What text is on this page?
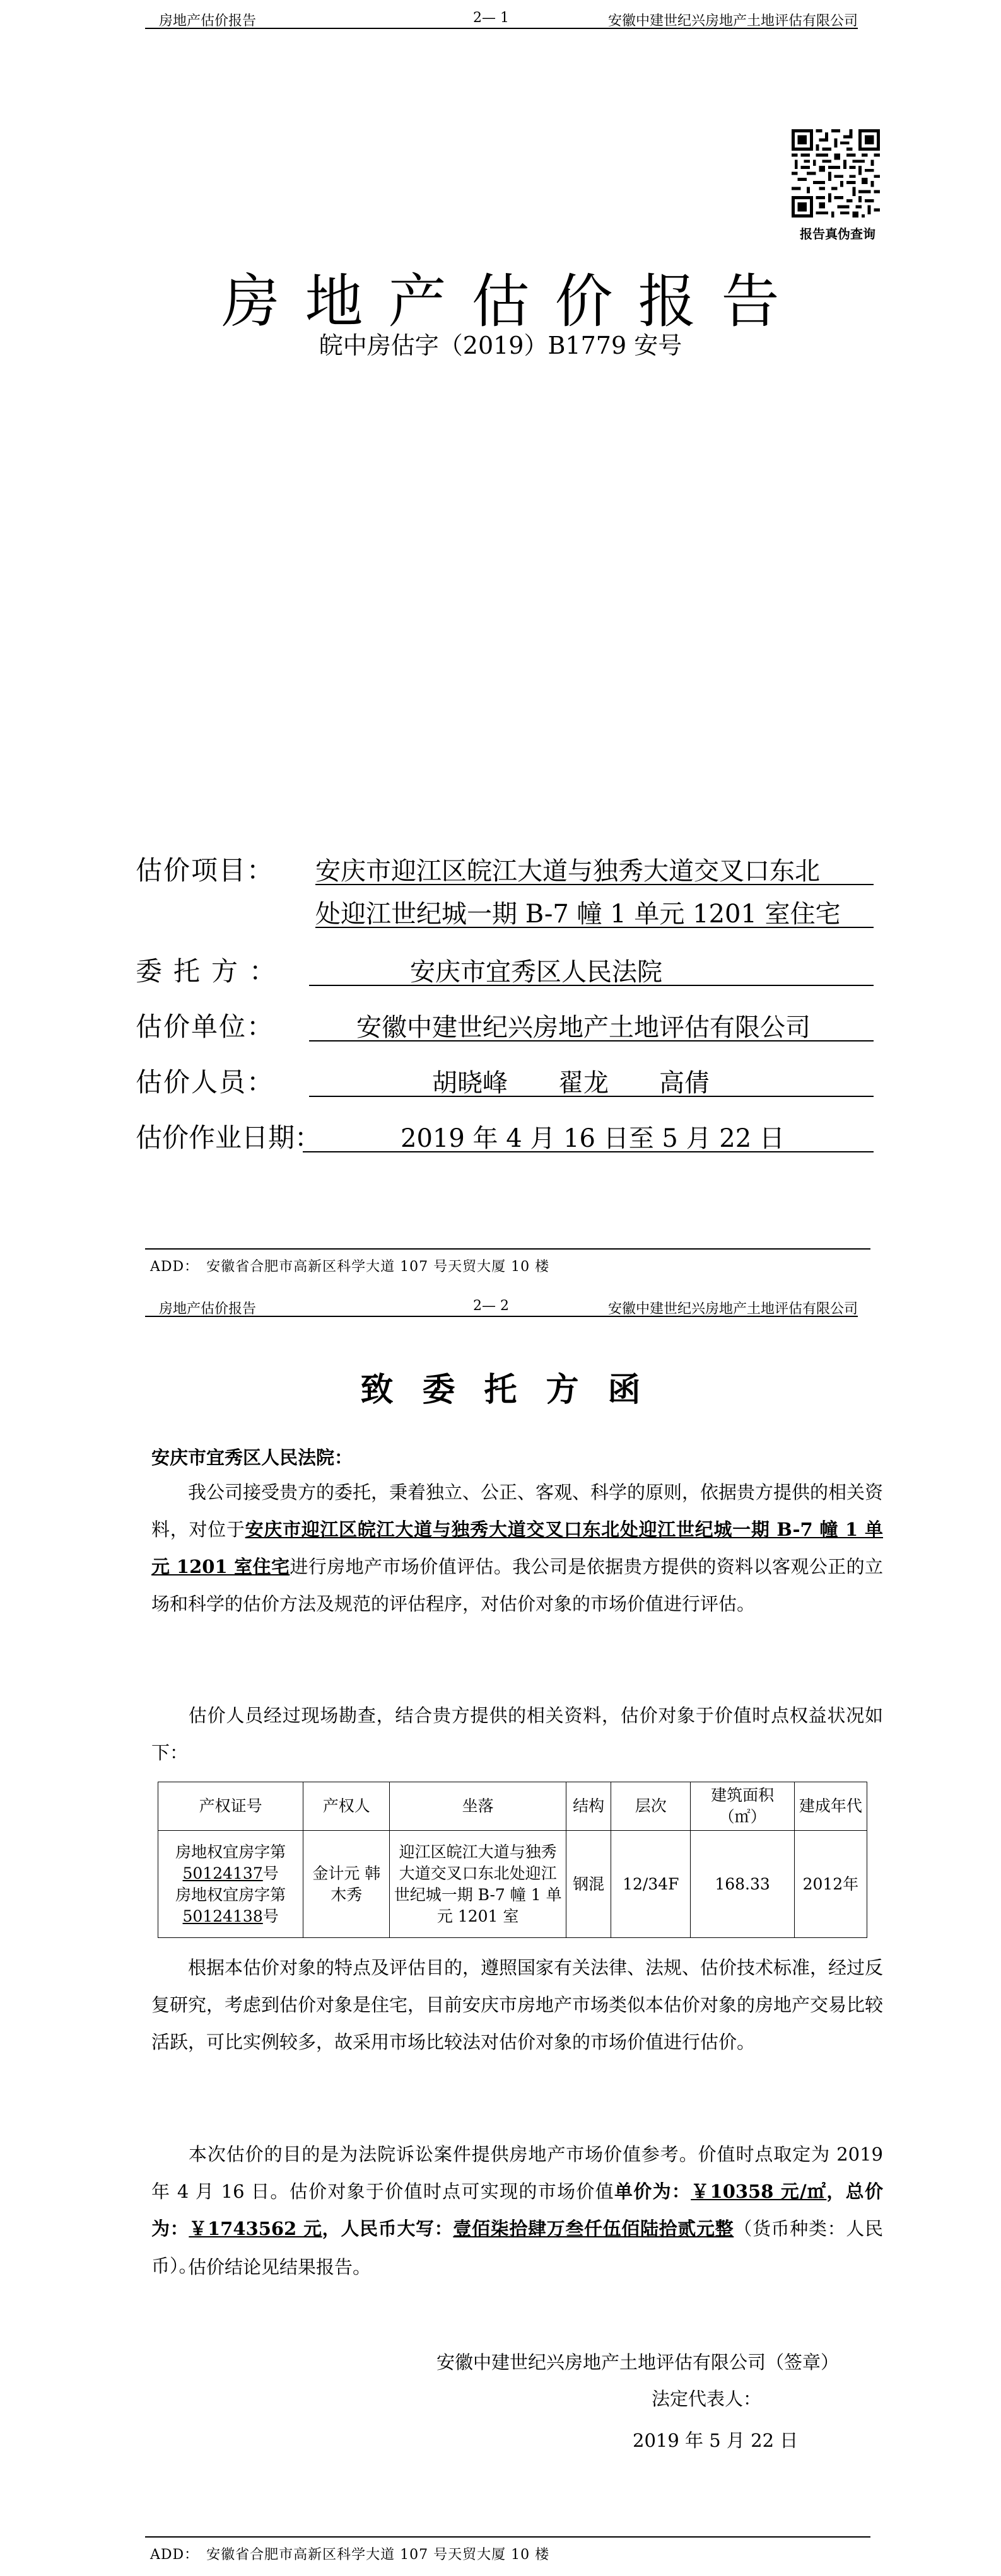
房地产估价报告	2— 1	安徽中建世纪兴房地产土地评估有限公司
报告真伪查询
房地产估价报告
皖中房估字（2019）B1779 安号
估价项目： 安庆市迎江区皖江大道与独秀大道交叉口东北
处迎江世纪城一期 B-7 幢 1 单元 1201 室住宅
委托方：	安庆市宜秀区人民法院
估价单位：	安徽中建世纪兴房地产土地评估有限公司
估价人员：	胡晓峰　　翟龙　　高倩
估价作业日期：	2019 年 4 月 16 日至 5 月 22 日
ADD：　安徽省合肥市高新区科学大道 107 号天贸大厦 10 楼
房地产估价报告	2— 2	安徽中建世纪兴房地产土地评估有限公司
致委托方函
安庆市宜秀区人民法院：
我公司接受贵方的委托，秉着独立、公正、客观、科学的原则，依据贵方提供的相关资料，对位于安庆市迎江区皖江大道与独秀大道交叉口东北处迎江世纪城一期 B-7 幢 1 单元 1201 室住宅进行房地产市场价值评估。我公司是依据贵方提供的资料以客观公正的立场和科学的估价方法及规范的评估程序，对估价对象的市场价值进行评估。
估价人员经过现场勘查，结合贵方提供的相关资料，估价对象于价值时点权益状况如下：
产权证号	产权人	坐落	结构	层次	建筑面积（㎡）	建成年代
房地权宜房字第
50124137号
房地权宜房字第
50124138号	金计元 韩木秀	迎江区皖江大道与独秀大道交叉口东北处迎江世纪城一期 B-7 幢 1 单元 1201 室	钢混	12/34F	168.33	2012年
根据本估价对象的特点及评估目的，遵照国家有关法律、法规、估价技术标准，经过反复研究，考虑到估价对象是住宅，目前安庆市房地产市场类似本估价对象的房地产交易比较活跃，可比实例较多，故采用市场比较法对估价对象的市场价值进行估价。
本次估价的目的是为法院诉讼案件提供房地产市场价值参考。价值时点取定为 2019 年 4 月 16 日。估价对象于价值时点可实现的市场价值单价为：￥10358 元/㎡，总价为：￥1743562 元，人民币大写：壹佰柒拾肆万叁仟伍佰陆拾贰元整（货币种类：人民币）。
估价结论见结果报告。
安徽中建世纪兴房地产土地评估有限公司（签章）
法定代表人：
2019 年 5 月 22 日
ADD：　安徽省合肥市高新区科学大道 107 号天贸大厦 10 楼
